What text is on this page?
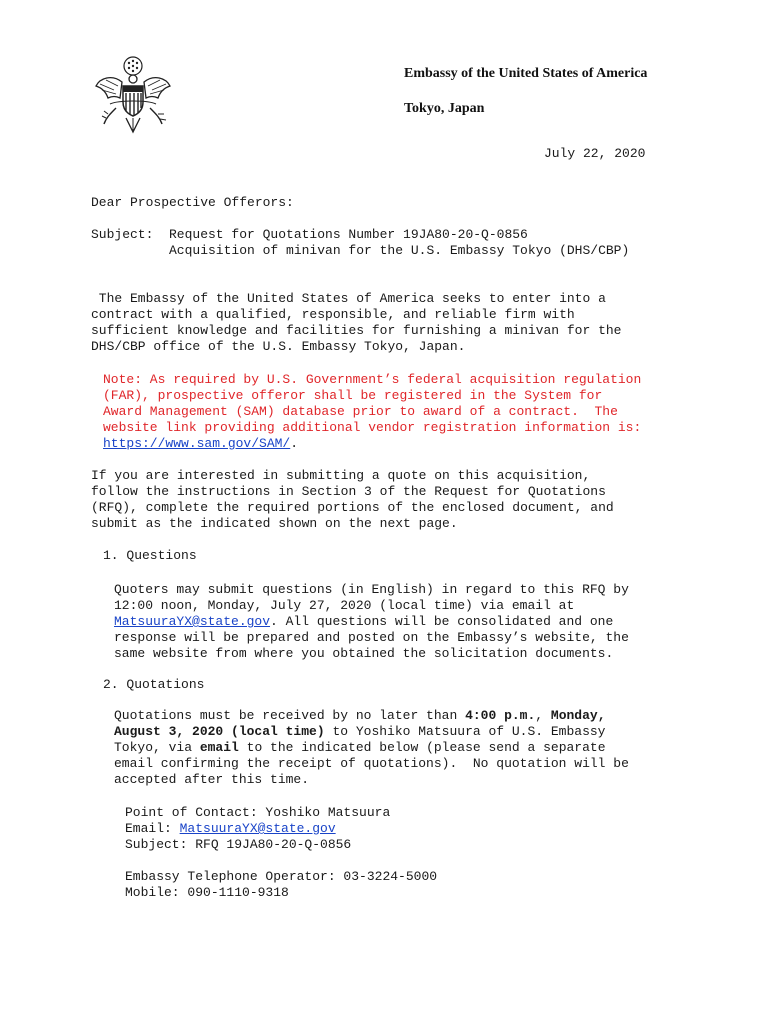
Embassy of the United States of America
Tokyo, Japan
July 22, 2020
Dear Prospective Offerors:
Subject: Request for Quotations Number 19JA80-20-Q-0856
Acquisition of minivan for the U.S. Embassy Tokyo (DHS/CBP)
The Embassy of the United States of America seeks to enter into a
contract with a qualified, responsible, and reliable firm with
sufficient knowledge and facilities for furnishing a minivan for the
DHS/CBP office of the U.S. Embassy Tokyo, Japan.
Note: As required by U.S. Government’s federal acquisition regulation
(FAR), prospective offeror shall be registered in the System for
Award Management (SAM) database prior to award of a contract.  The
website link providing additional vendor registration information is:
https://www.sam.gov/SAM/.
If you are interested in submitting a quote on this acquisition,
follow the instructions in Section 3 of the Request for Quotations
(RFQ), complete the required portions of the enclosed document, and
submit as the indicated shown on the next page.
1. Questions
Quoters may submit questions (in English) in regard to this RFQ by
12:00 noon, Monday, July 27, 2020 (local time) via email at
MatsuuraYX@state.gov. All questions will be consolidated and one
response will be prepared and posted on the Embassy’s website, the
same website from where you obtained the solicitation documents.
2. Quotations
Quotations must be received by no later than 4:00 p.m., Monday,
August 3, 2020 (local time) to Yoshiko Matsuura of U.S. Embassy
Tokyo, via email to the indicated below (please send a separate
email confirming the receipt of quotations).  No quotation will be
accepted after this time.
Point of Contact: Yoshiko Matsuura
Email: MatsuuraYX@state.gov
Subject: RFQ 19JA80-20-Q-0856
Embassy Telephone Operator: 03-3224-5000
Mobile: 090-1110-9318
